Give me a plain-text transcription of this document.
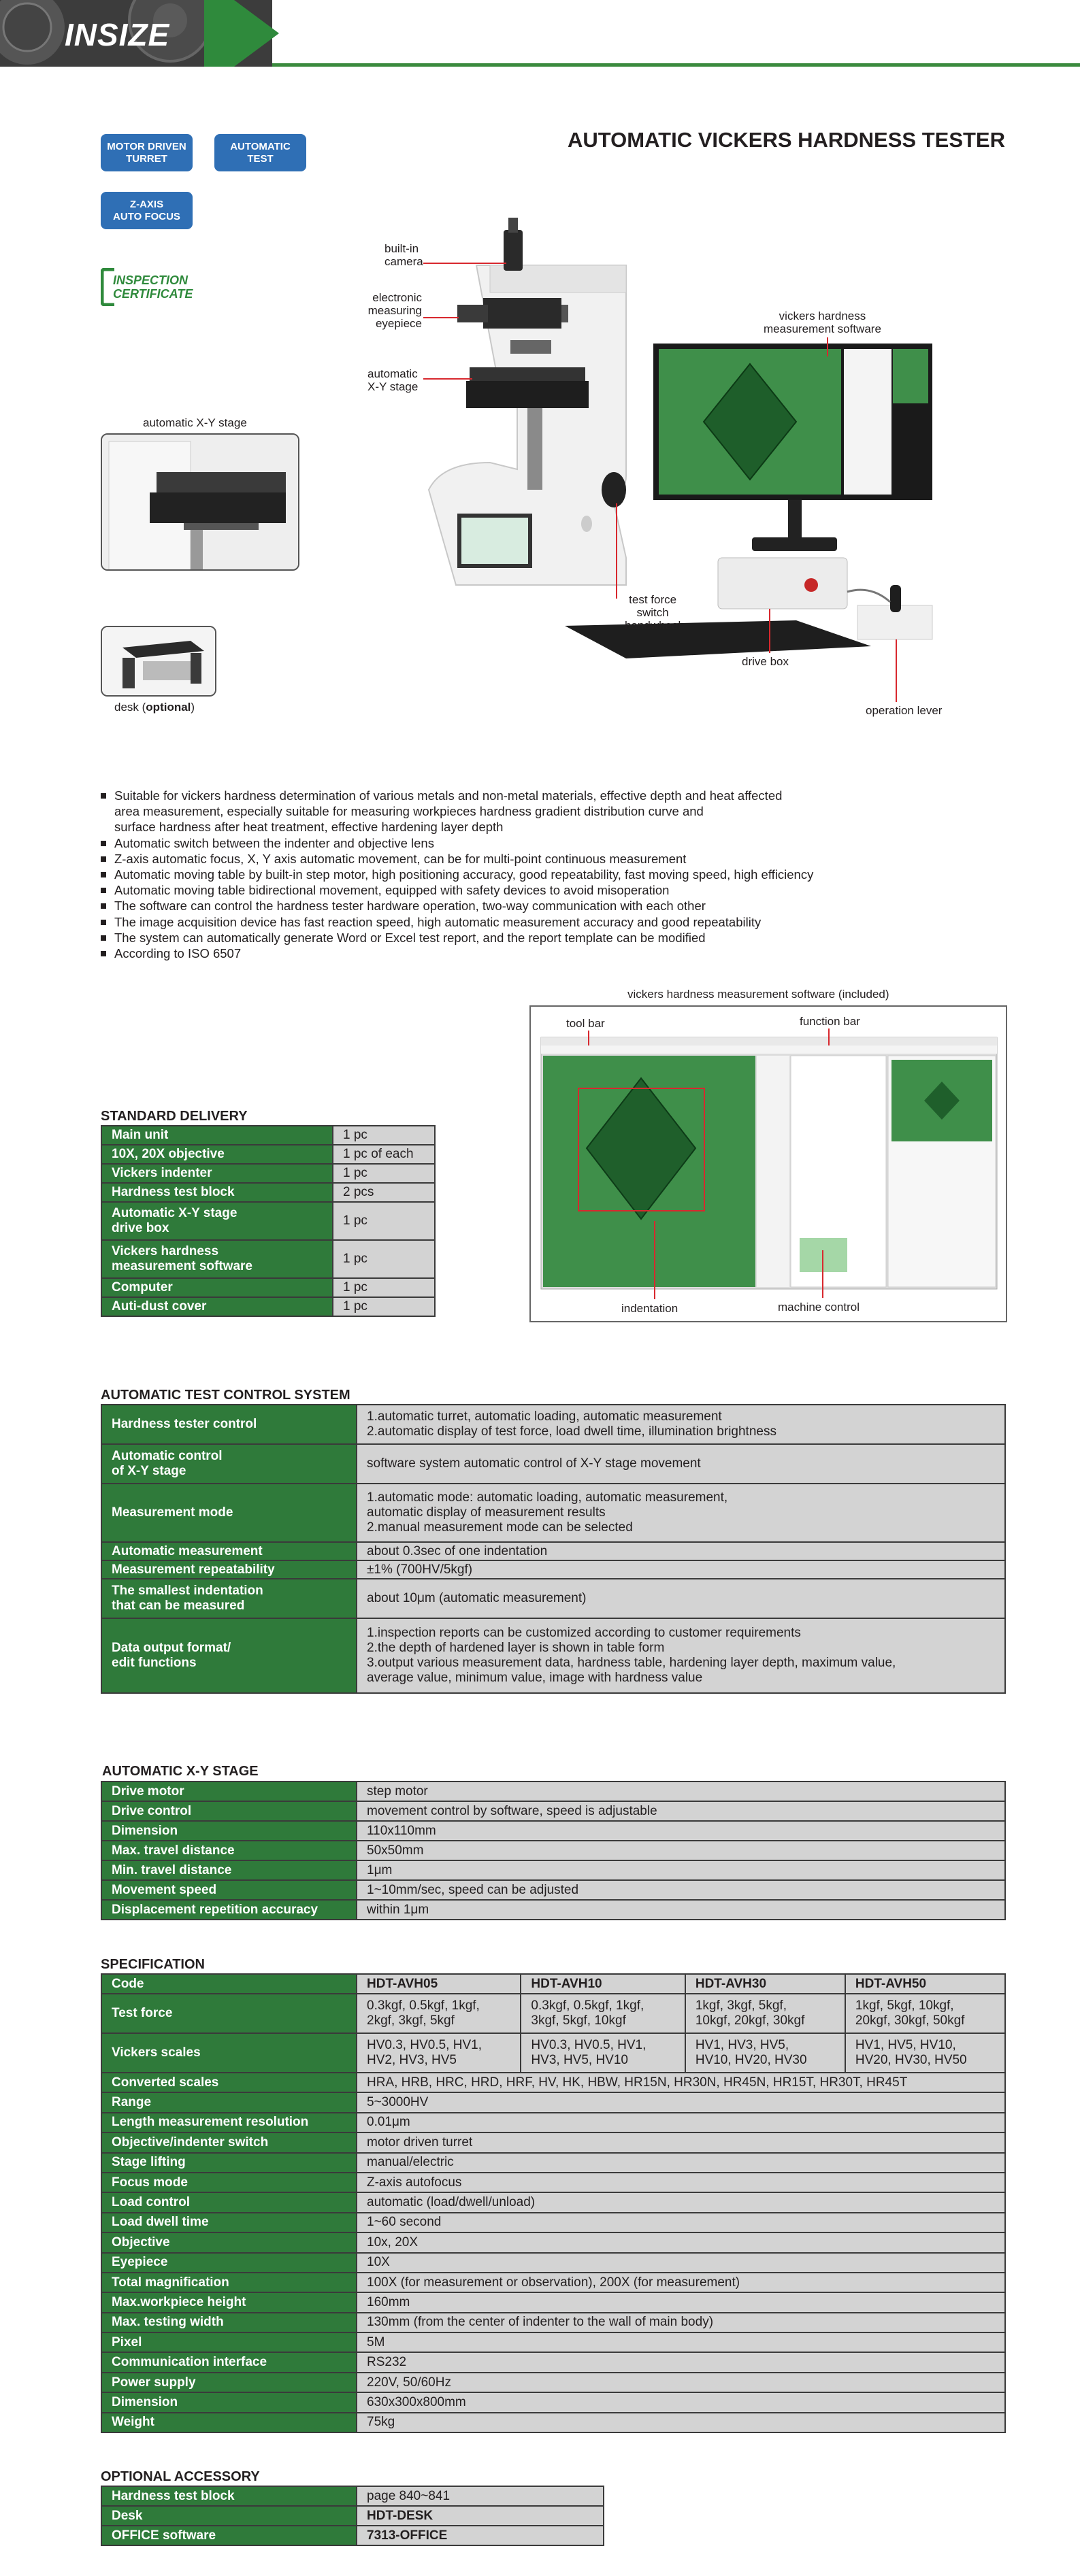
INSIZE
MOTOR DRIVEN
TURRET
AUTOMATIC
TEST
Z-AXIS
AUTO FOCUS
INSPECTION
CERTIFICATE
AUTOMATIC VICKERS HARDNESS TESTER
automatic X-Y stage
desk (optional)
built-in
camera
electronic
measuring
eyepiece
automatic
X-Y stage
vickers hardness
measurement software
test force
switch
handwheel
drive box
operation lever
Suitable for vickers hardness determination of various metals and non-metal materials, effective depth and heat affected
area measurement, especially suitable for measuring workpieces hardness gradient distribution curve and
surface hardness after heat treatment, effective hardening layer depth
Automatic switch between the indenter and objective lens
Z-axis automatic focus, X, Y axis automatic movement, can be for multi-point continuous measurement
Automatic moving table by built-in step motor, high positioning accuracy, good repeatability, fast moving speed, high efficiency
Automatic moving table bidirectional movement, equipped with safety devices to avoid misoperation
The software can control the hardness tester hardware operation, two-way communication with each other
The image acquisition device has fast reaction speed, high automatic measurement accuracy and good repeatability
The system can automatically generate Word or Excel test report, and the report template can be modified
According to ISO 6507
vickers hardness measurement software (included)
tool bar	function bar
indentation	machine control
STANDARD DELIVERY
Main unit	1 pc
10X, 20X objective	1 pc of each
Vickers indenter	1 pc
Hardness test block	2 pcs
Automatic X-Y stage
drive box	1 pc
Vickers hardness
measurement software	1 pc
Computer	1 pc
Auti-dust cover	1 pc
AUTOMATIC TEST CONTROL SYSTEM
Hardness tester control	1.automatic turret, automatic loading, automatic measurement
2.automatic display of test force, load dwell time, illumination brightness
Automatic control
of X-Y stage	software system automatic control of X-Y stage movement
Measurement mode	1.automatic mode: automatic loading, automatic measurement,
automatic display of measurement results
2.manual measurement mode can be selected
Automatic measurement	about 0.3sec of one indentation
Measurement repeatability	±1% (700HV/5kgf)
The smallest indentation
that can be measured	about 10μm (automatic measurement)
Data output format/
edit functions	1.inspection reports can be customized according to customer requirements
2.the depth of hardened layer is shown in table form
3.output various measurement data, hardness table, hardening layer depth, maximum value,
average value, minimum value, image with hardness value
AUTOMATIC X-Y STAGE
Drive motor	step motor
Drive control	movement control by software, speed is adjustable
Dimension	110x110mm
Max. travel distance	50x50mm
Min. travel distance	1μm
Movement speed	1~10mm/sec, speed can be adjusted
Displacement repetition accuracy	within 1μm
SPECIFICATION
Code	HDT-AVH05	HDT-AVH10	HDT-AVH30	HDT-AVH50
Test force	0.3kgf, 0.5kgf, 1kgf,
2kgf, 3kgf, 5kgf	0.3kgf, 0.5kgf, 1kgf,
3kgf, 5kgf, 10kgf	1kgf, 3kgf, 5kgf,
10kgf, 20kgf, 30kgf	1kgf, 5kgf, 10kgf,
20kgf, 30kgf, 50kgf
Vickers scales	HV0.3, HV0.5, HV1,
HV2, HV3, HV5	HV0.3, HV0.5, HV1,
HV3, HV5, HV10	HV1, HV3, HV5,
HV10, HV20, HV30	HV1, HV5, HV10,
HV20, HV30, HV50
Converted scales	HRA, HRB, HRC, HRD, HRF, HV, HK, HBW, HR15N, HR30N, HR45N, HR15T, HR30T, HR45T			
Range	5~3000HV			
Length measurement resolution	0.01μm			
Objective/indenter switch	motor driven turret			
Stage lifting	manual/electric			
Focus mode	Z-axis autofocus			
Load control	automatic (load/dwell/unload)			
Load dwell time	1~60 second			
Objective	10x, 20X			
Eyepiece	10X			
Total magnification	100X (for measurement or observation), 200X (for measurement)			
Max.workpiece height	160mm			
Max. testing width	130mm (from the center of indenter to the wall of main body)			
Pixel	5M			
Communication interface	RS232			
Power supply	220V, 50/60Hz			
Dimension	630x300x800mm			
Weight	75kg			
OPTIONAL ACCESSORY
Hardness test block	page 840~841
Desk	HDT-DESK
OFFICE software	7313-OFFICE
